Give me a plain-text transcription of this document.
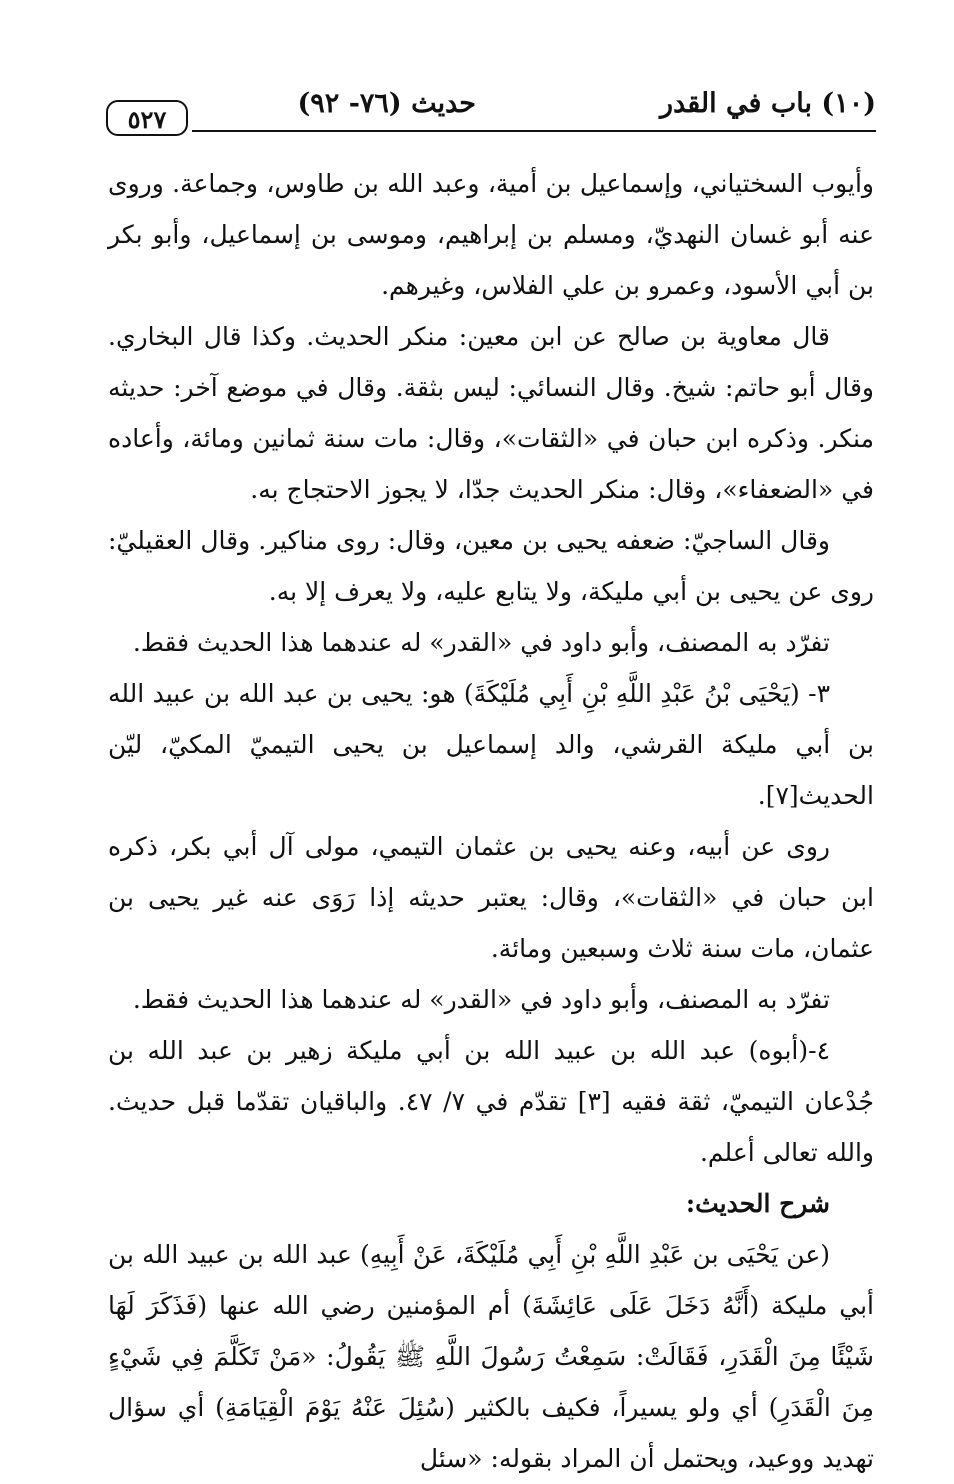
(١٠) باب في القدر
حديث (٧٦- ٩٢)
٥٢٧

وأيوب السختياني، وإسماعيل بن أمية، وعبد الله بن طاوس، وجماعة. وروى عنه أبو غسان النهديّ، ومسلم بن إبراهيم، وموسى بن إسماعيل، وأبو بكر بن أبي الأسود، وعمرو بن علي الفلاس، وغيرهم.

قال معاوية بن صالح عن ابن معين: منكر الحديث. وكذا قال البخاري. وقال أبو حاتم: شيخ. وقال النسائي: ليس بثقة. وقال في موضع آخر: حديثه منكر. وذكره ابن حبان في «الثقات»، وقال: مات سنة ثمانين ومائة، وأعاده في «الضعفاء»، وقال: منكر الحديث جدّا، لا يجوز الاحتجاج به.

وقال الساجيّ: ضعفه يحيى بن معين، وقال: روى مناكير. وقال العقيليّ: روى عن يحيى بن أبي مليكة، ولا يتابع عليه، ولا يعرف إلا به.

تفرّد به المصنف، وأبو داود في «القدر» له عندهما هذا الحديث فقط.

٣- (يَحْيَى بْنُ عَبْدِ اللَّهِ بْنِ أَبِي مُلَيْكَةَ) هو: يحيى بن عبد الله بن عبيد الله بن أبي مليكة القرشي، والد إسماعيل بن يحيى التيميّ المكيّ، ليّن الحديث[٧].

روى عن أبيه، وعنه يحيى بن عثمان التيمي، مولى آل أبي بكر، ذكره ابن حبان في «الثقات»، وقال: يعتبر حديثه إذا رَوَى عنه غير يحيى بن عثمان، مات سنة ثلاث وسبعين ومائة.

تفرّد به المصنف، وأبو داود في «القدر» له عندهما هذا الحديث فقط.

٤-(أبوه) عبد الله بن عبيد الله بن أبي مليكة زهير بن عبد الله بن جُدْعان التيميّ، ثقة فقيه [٣] تقدّم في ٧/ ٤٧. والباقيان تقدّما قبل حديث. والله تعالى أعلم.

شرح الحديث:

(عن يَحْيَى بن عَبْدِ اللَّهِ بْنِ أَبِي مُلَيْكَةَ، عَنْ أَبِيهِ) عبد الله بن عبيد الله بن أبي مليكة (أَنَّهُ دَخَلَ عَلَى عَائِشَةَ) أم المؤمنين رضي الله عنها (فَذَكَرَ لَهَا شَيْئًا مِنَ الْقَدَرِ، فَقَالَتْ: سَمِعْتُ رَسُولَ اللَّهِ ﷺ يَقُولُ: «مَنْ تَكَلَّمَ فِي شَيْءٍ مِنَ الْقَدَرِ) أي ولو يسيراً، فكيف بالكثير (سُئِلَ عَنْهُ يَوْمَ الْقِيَامَةِ) أي سؤال تهديد ووعيد، ويحتمل أن المراد بقوله: «سئل
